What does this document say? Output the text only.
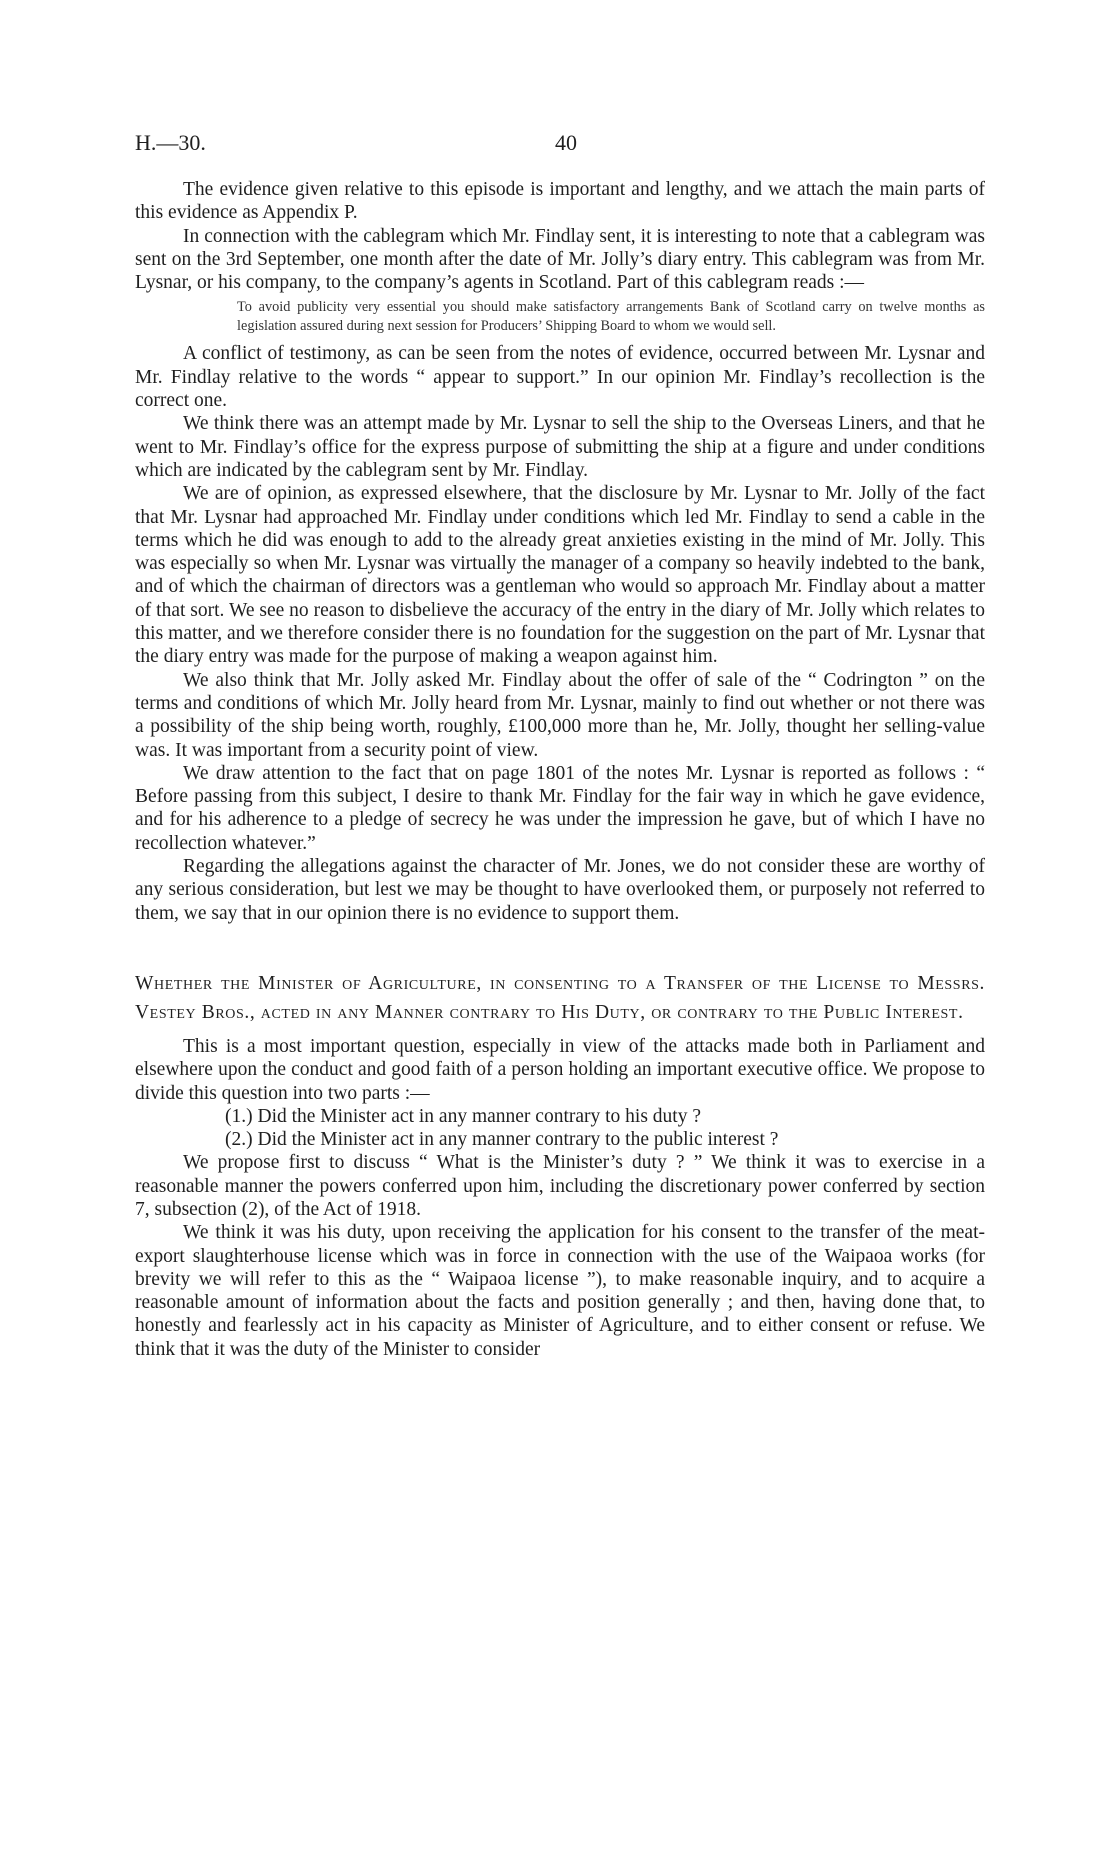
H.—30.	40

The evidence given relative to this episode is important and lengthy, and we attach the main parts of this evidence as Appendix P.

In connection with the cablegram which Mr. Findlay sent, it is interesting to note that a cablegram was sent on the 3rd September, one month after the date of Mr. Jolly’s diary entry. This cablegram was from Mr. Lysnar, or his company, to the company’s agents in Scotland. Part of this cablegram reads :—

To avoid publicity very essential you should make satisfactory arrangements Bank of Scotland carry on twelve months as legislation assured during next session for Producers’ Shipping Board to whom we would sell.

A conflict of testimony, as can be seen from the notes of evidence, occurred between Mr. Lysnar and Mr. Findlay relative to the words “ appear to support.” In our opinion Mr. Findlay’s recollection is the correct one.

We think there was an attempt made by Mr. Lysnar to sell the ship to the Overseas Liners, and that he went to Mr. Findlay’s office for the express purpose of submitting the ship at a figure and under conditions which are indicated by the cablegram sent by Mr. Findlay.

We are of opinion, as expressed elsewhere, that the disclosure by Mr. Lysnar to Mr. Jolly of the fact that Mr. Lysnar had approached Mr. Findlay under conditions which led Mr. Findlay to send a cable in the terms which he did was enough to add to the already great anxieties existing in the mind of Mr. Jolly. This was especially so when Mr. Lysnar was virtually the manager of a company so heavily indebted to the bank, and of which the chairman of directors was a gentleman who would so approach Mr. Findlay about a matter of that sort. We see no reason to disbelieve the accuracy of the entry in the diary of Mr. Jolly which relates to this matter, and we therefore consider there is no foundation for the suggestion on the part of Mr. Lysnar that the diary entry was made for the purpose of making a weapon against him.

We also think that Mr. Jolly asked Mr. Findlay about the offer of sale of the “ Codrington ” on the terms and conditions of which Mr. Jolly heard from Mr. Lysnar, mainly to find out whether or not there was a possibility of the ship being worth, roughly, £100,000 more than he, Mr. Jolly, thought her selling-value was. It was important from a security point of view.

We draw attention to the fact that on page 1801 of the notes Mr. Lysnar is reported as follows : “ Before passing from this subject, I desire to thank Mr. Findlay for the fair way in which he gave evidence, and for his adherence to a pledge of secrecy he was under the impression he gave, but of which I have no recollection whatever.”

Regarding the allegations against the character of Mr. Jones, we do not consider these are worthy of any serious consideration, but lest we may be thought to have overlooked them, or purposely not referred to them, we say that in our opinion there is no evidence to support them.

Whether the Minister of Agriculture, in consenting to a Transfer of the License to Messrs. Vestey Bros., acted in any Manner contrary to His Duty, or contrary to the Public Interest.

This is a most important question, especially in view of the attacks made both in Parliament and elsewhere upon the conduct and good faith of a person holding an important executive office. We propose to divide this question into two parts :—

(1.) Did the Minister act in any manner contrary to his duty ?

(2.) Did the Minister act in any manner contrary to the public interest ?

We propose first to discuss “ What is the Minister’s duty ? ” We think it was to exercise in a reasonable manner the powers conferred upon him, including the discretionary power conferred by section 7, subsection (2), of the Act of 1918.

We think it was his duty, upon receiving the application for his consent to the transfer of the meat-export slaughterhouse license which was in force in connection with the use of the Waipaoa works (for brevity we will refer to this as the “ Waipaoa license ”), to make reasonable inquiry, and to acquire a reasonable amount of information about the facts and position generally ; and then, having done that, to honestly and fearlessly act in his capacity as Minister of Agriculture, and to either consent or refuse. We think that it was the duty of the Minister to consider
